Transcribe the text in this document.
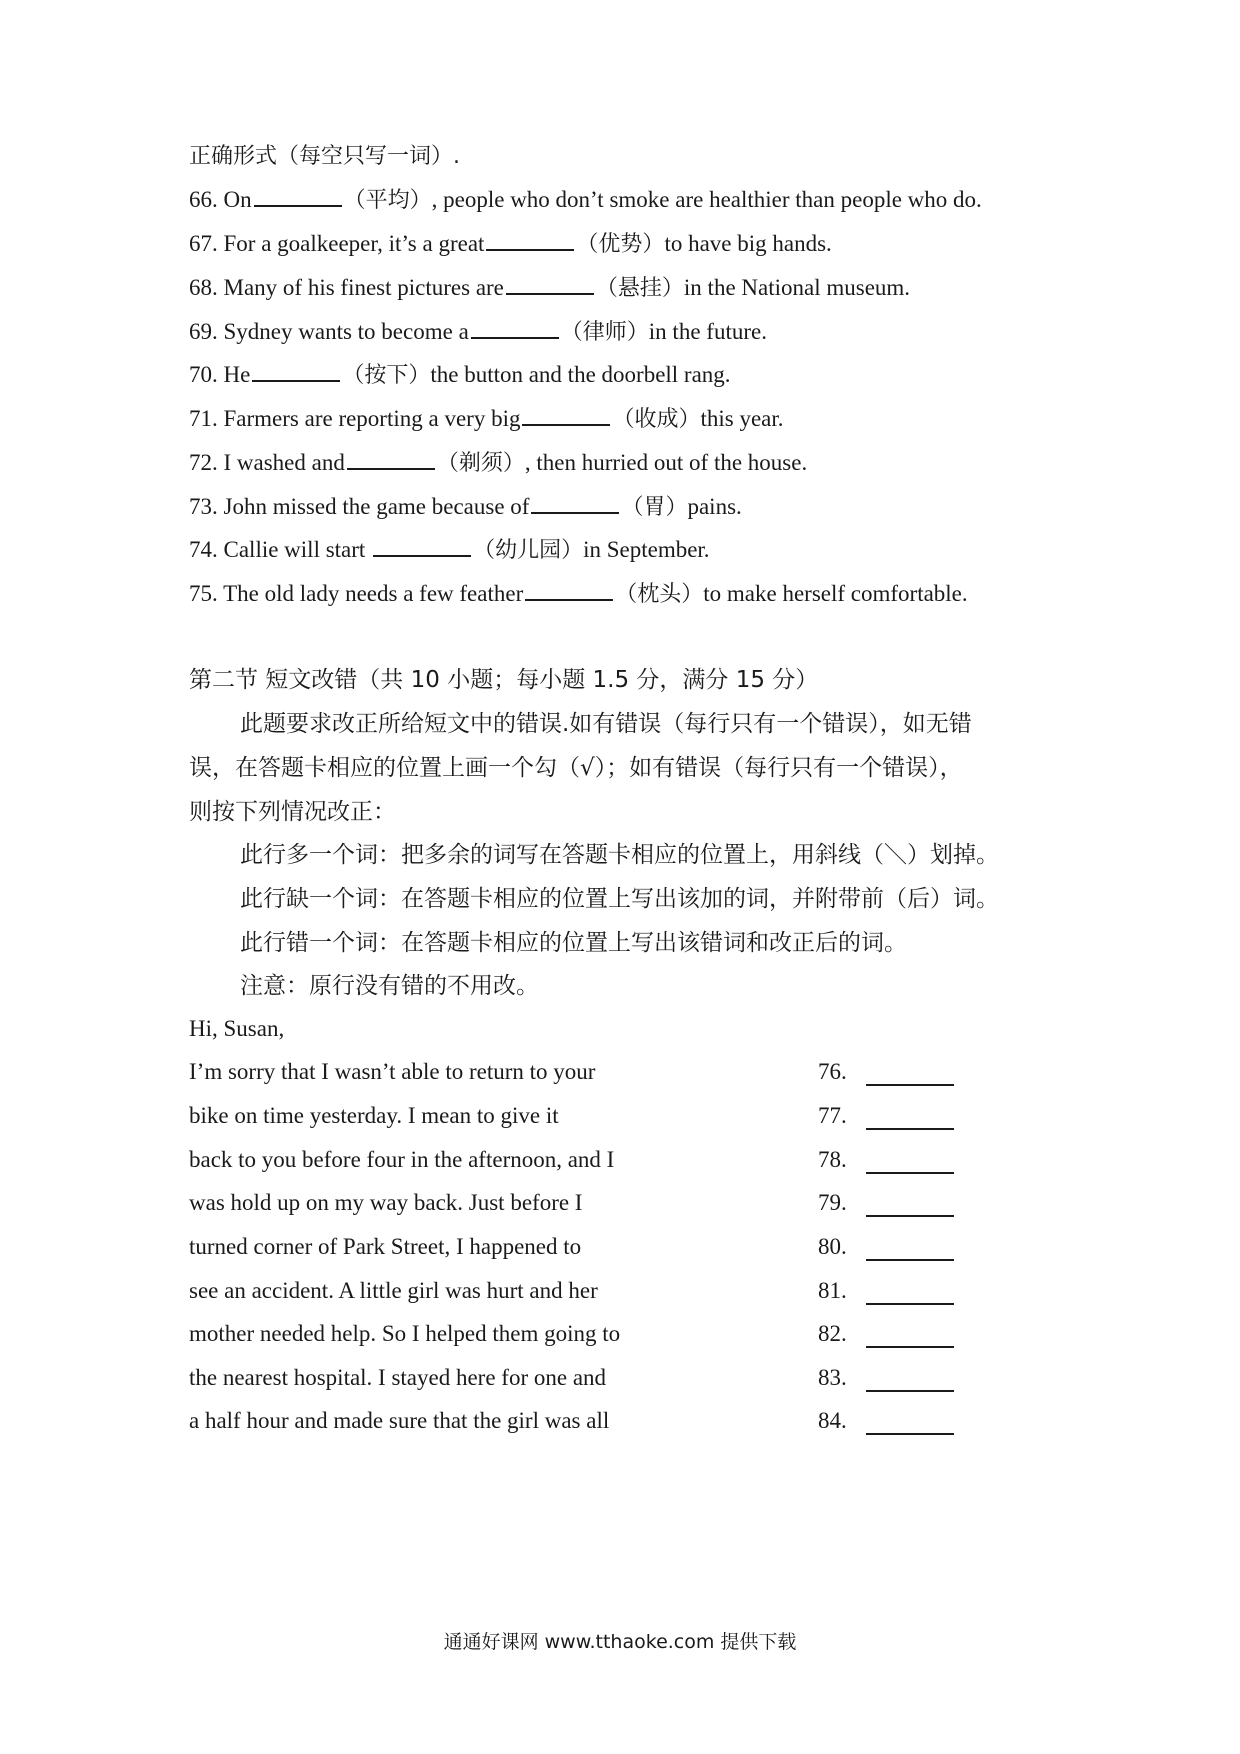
正确形式（每空只写一词）.
66. On	（平均）, people who don’t smoke are healthier than people who do.
67. For a goalkeeper, it’s a great	（优势）to have big hands.
68. Many of his finest pictures are	（悬挂）in the National museum.
69. Sydney wants to become a	（律师）in the future.
70. He	（按下）the button and the doorbell rang.
71. Farmers are reporting a very big	（收成）this year.
72. I washed and	（剃须）, then hurried out of the house.
73. John missed the game because of	（胃）pains.
74. Callie will start	（幼儿园）in September.
75. The old lady needs a few feather	（枕头）to make herself comfortable.
第二节 短文改错（共 10 小题；每小题 1.5 分，满分 15 分）
此题要求改正所给短文中的错误.如有错误（每行只有一个错误），如无错
误，在答题卡相应的位置上画一个勾（√）；如有错误（每行只有一个错误），
则按下列情况改正：
此行多一个词：把多余的词写在答题卡相应的位置上，用斜线（＼）划掉。
此行缺一个词：在答题卡相应的位置上写出该加的词，并附带前（后）词。
此行错一个词：在答题卡相应的位置上写出该错词和改正后的词。
注意：原行没有错的不用改。
Hi, Susan,
I’m sorry that I wasn’t able to return to your	76.
bike on time yesterday. I mean to give it	77.
back to you before four in the afternoon, and I	78.
was hold up on my way back. Just before I	79.
turned corner of Park Street, I happened to	80.
see an accident. A little girl was hurt and her	81.
mother needed help. So I helped them going to	82.
the nearest hospital. I stayed here for one and	83.
a half hour and made sure that the girl was all	84.
通通好课网 www.tthaoke.com 提供下载
